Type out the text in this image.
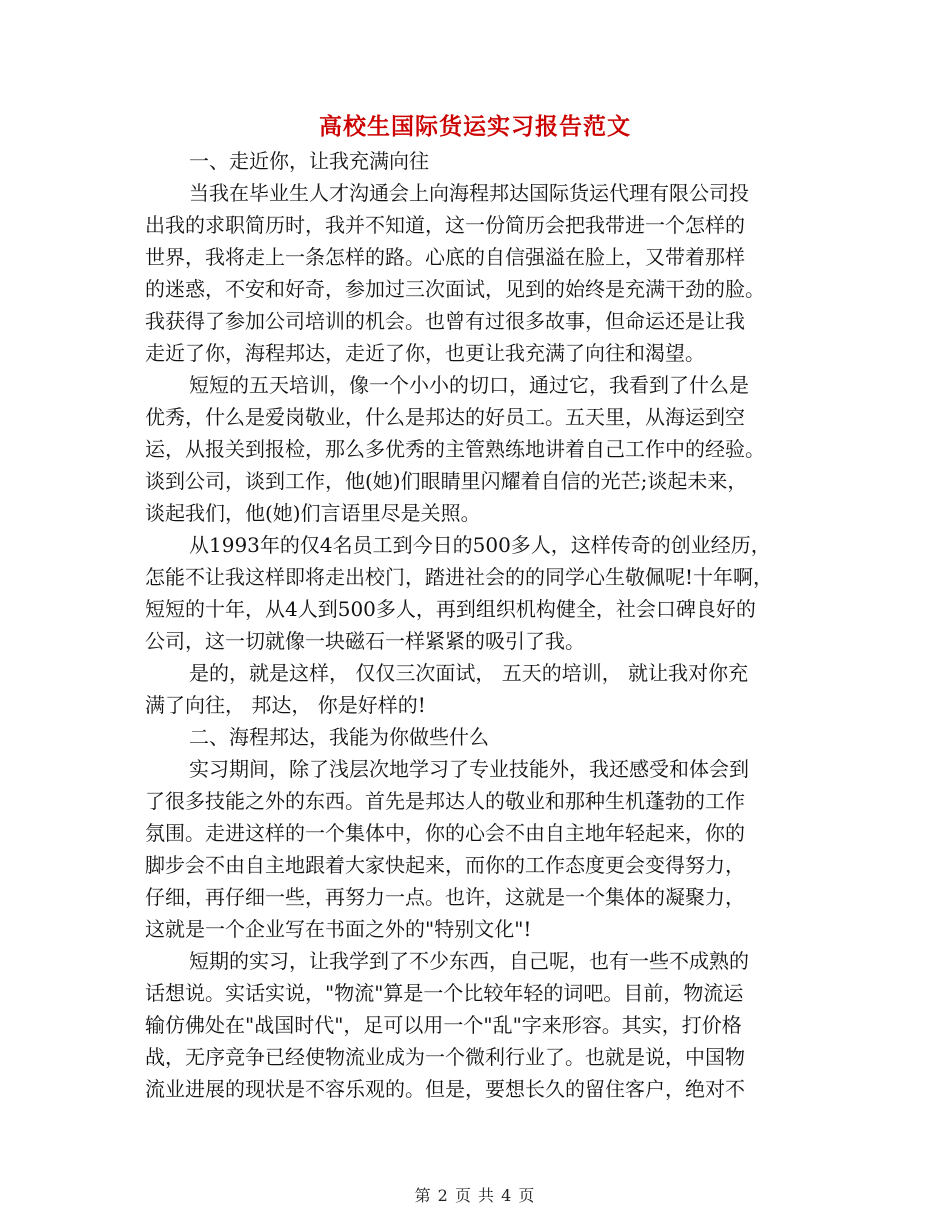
高校生国际货运实习报告范文
一、走近你，让我充满向往
当我在毕业生人才沟通会上向海程邦达国际货运代理有限公司投
出我的求职简历时，我并不知道，这一份简历会把我带进一个怎样的
世界，我将走上一条怎样的路。心底的自信强溢在脸上，又带着那样
的迷惑，不安和好奇，参加过三次面试，见到的始终是充满干劲的脸。
我获得了参加公司培训的机会。也曾有过很多故事，但命运还是让我
走近了你，海程邦达，走近了你，也更让我充满了向往和渴望。
短短的五天培训，像一个小小的切口，通过它，我看到了什么是
优秀，什么是爱岗敬业，什么是邦达的好员工。五天里，从海运到空
运，从报关到报检，那么多优秀的主管熟练地讲着自己工作中的经验。
谈到公司，谈到工作，他(她)们眼睛里闪耀着自信的光芒;谈起未来，
谈起我们，他(她)们言语里尽是关照。
从1993年的仅4名员工到今日的500多人，这样传奇的创业经历，
怎能不让我这样即将走出校门，踏进社会的的同学心生敬佩呢!十年啊，
短短的十年，从4人到500多人，再到组织机构健全，社会口碑良好的
公司，这一切就像一块磁石一样紧紧的吸引了我。
是的，就是这样， 仅仅三次面试， 五天的培训， 就让我对你充
满了向往， 邦达， 你是好样的!
二、海程邦达，我能为你做些什么
实习期间，除了浅层次地学习了专业技能外，我还感受和体会到
了很多技能之外的东西。首先是邦达人的敬业和那种生机蓬勃的工作
氛围。走进这样的一个集体中，你的心会不由自主地年轻起来，你的
脚步会不由自主地跟着大家快起来，而你的工作态度更会变得努力，
仔细，再仔细一些，再努力一点。也许，这就是一个集体的凝聚力，
这就是一个企业写在书面之外的"特别文化"!
短期的实习，让我学到了不少东西，自己呢，也有一些不成熟的
话想说。实话实说，"物流"算是一个比较年轻的词吧。目前，物流运
输仿佛处在"战国时代"，足可以用一个"乱"字来形容。其实，打价格
战，无序竞争已经使物流业成为一个微利行业了。也就是说，中国物
流业进展的现状是不容乐观的。但是，要想长久的留住客户，绝对不
第 2 页 共 4 页
